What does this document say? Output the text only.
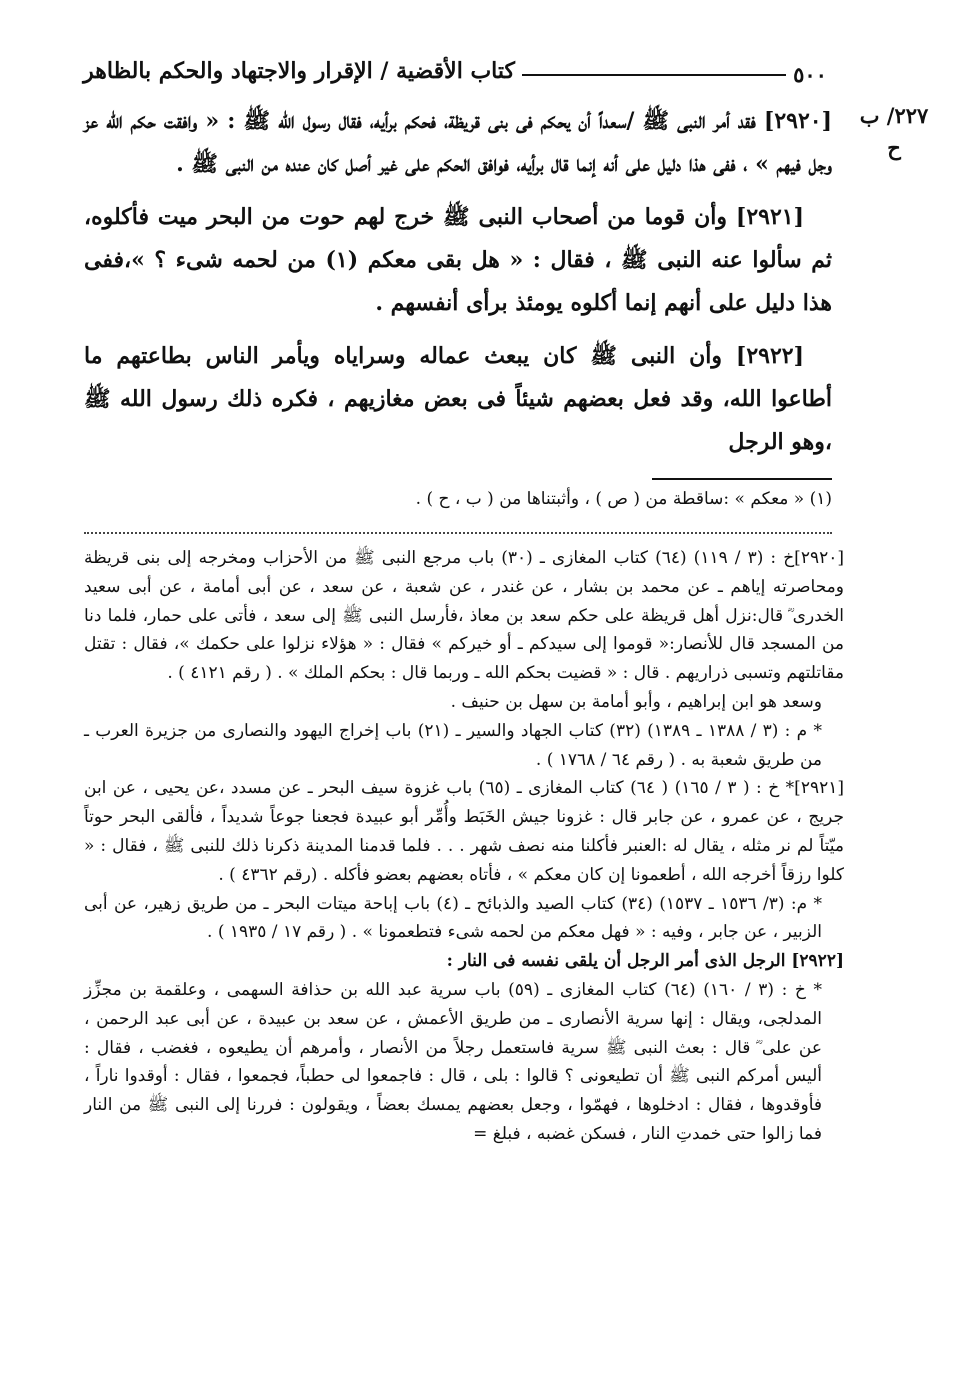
٥٠٠
كتاب الأقضية / الإقرار والاجتهاد والحكم بالظاهر
٢٢٧/ ب
ح

[٢٩٢٠] فقد أمر النبى ﷺ /سعداً أن يحكم فى بنى قريظة، فحكم برأيه، فقال رسول الله ﷺ : « وافقت حكم الله عز وجل فيهم » ، ففى هذا دليل على أنه إنما قال برأيه، فوافق الحكم على غير أصل كان عنده من النبى ﷺ .

[٢٩٢١] وأن قوما من أصحاب النبى ﷺ خرج لهم حوت من البحر ميت فأكلوه، ثم سألوا عنه النبى ﷺ ، فقال : « هل بقى معكم (١) من لحمه شىء ؟ »،ففى هذا دليل على أنهم إنما أكلوه يومئذ برأى أنفسهم .

[٢٩٢٢] وأن النبى ﷺ كان يبعث عماله وسراياه ويأمر الناس بطاعتهم ما أطاعوا الله، وقد فعل بعضهم شيئاً فى بعض مغازيهم ، فكره ذلك رسول الله ﷺ ،وهو الرجل

(١) « معكم » :ساقطة من ( ص ) ، وأثبتناها من ( ب ، ح ) .

[٢٩٢٠]خ : (٣ / ١١٩) (٦٤) كتاب المغازى ـ (٣٠) باب مرجع النبى ﷺ من الأحزاب ومخرجه إلى بنى قريظة ومحاصرته إياهم ـ عن محمد بن بشار ، عن غندر ، عن شعبة ، عن سعد ، عن أبى أمامة ، عن أبى سعيد الخدرى ؓ قال:نزل أهل قريظة على حكم سعد بن معاذ ،فأرسل النبى ﷺ إلى سعد ، فأتى على حمار، فلما دنا من المسجد قال للأنصار:« قوموا إلى سيدكم ـ أو خيركم » فقال : « هؤلاء نزلوا على حكمك »، فقال : تقتل مقاتلتهم وتسبى ذراريهم . قال : « قضيت بحكم الله ـ وربما قال : بحكم الملك » . ( رقم ٤١٢١ ) .

وسعد هو ابن إبراهيم ، وأبو أمامة بن سهل بن حنيف .

* م : (٣ / ١٣٨٨ ـ ١٣٨٩) (٣٢) كتاب الجهاد والسير ـ (٢١) باب إخراج اليهود والنصارى من جزيرة العرب ـ من طريق شعبة به . ( رقم ٦٤ / ١٧٦٨ ) .

[٢٩٢١]* خ : ( ٣ / ١٦٥) ( ٦٤) كتاب المغازى ـ (٦٥) باب غزوة سيف البحر ـ عن مسدد ،عن يحيى ، عن ابن جريج ، عن عمرو ، عن جابر قال : غزونا جيش الخَبَط وأُمِّر أبو عبيدة فجعنا جوعاً شديداً ، فألقى البحر حوتاً ميّتاً لم نر مثله ، يقال له :العنبر فأكلنا منه نصف شهر . . . فلما قدمنا المدينة ذكرنا ذلك للنبى ﷺ ، فقال : « كلوا رزقاً أخرجه الله ، أطعمونا إن كان معكم » ، فأتاه بعضهم بعضو فأكله . (رقم ٤٣٦٢ ) .

* م: (٣/ ١٥٣٦ ـ ١٥٣٧) (٣٤) كتاب الصيد والذبائح ـ (٤) باب إباحة ميتات البحر ـ من طريق زهير، عن أبى الزبير ، عن جابر ، وفيه : « فهل معكم من لحمه شىء فتطعمونا » . ( رقم ١٧ / ١٩٣٥ ) .

[٢٩٢٢] الرجل الذى أمر الرجل أن يلقى نفسه فى النار :

* خ : (٣ / ١٦٠) (٦٤) كتاب المغازى ـ (٥٩) باب سرية عبد الله بن حذافة السهمى ، وعلقمة بن مجزِّز المدلجى، ويقال : إنها سرية الأنصارى ـ من طريق الأعمش ، عن سعد بن عبيدة ، عن أبى عبد الرحمن ، عن على ؓ قال : بعث النبى ﷺ سرية فاستعمل رجلاً من الأنصار ، وأمرهم أن يطيعوه ، فغضب ، فقال : أليس أمركم النبى ﷺ أن تطيعونى ؟ قالوا : بلى ، قال : فاجمعوا لى حطباً، فجمعوا ، فقال : أوقدوا ناراً ، فأوقدوها ، فقال : ادخلوها ، فهمّوا ، وجعل بعضهم يمسك بعضاً ، ويقولون : فررنا إلى النبى ﷺ من النار فما زالوا حتى خمدتِ النار ، فسكن غضبه ، فبلغ =
